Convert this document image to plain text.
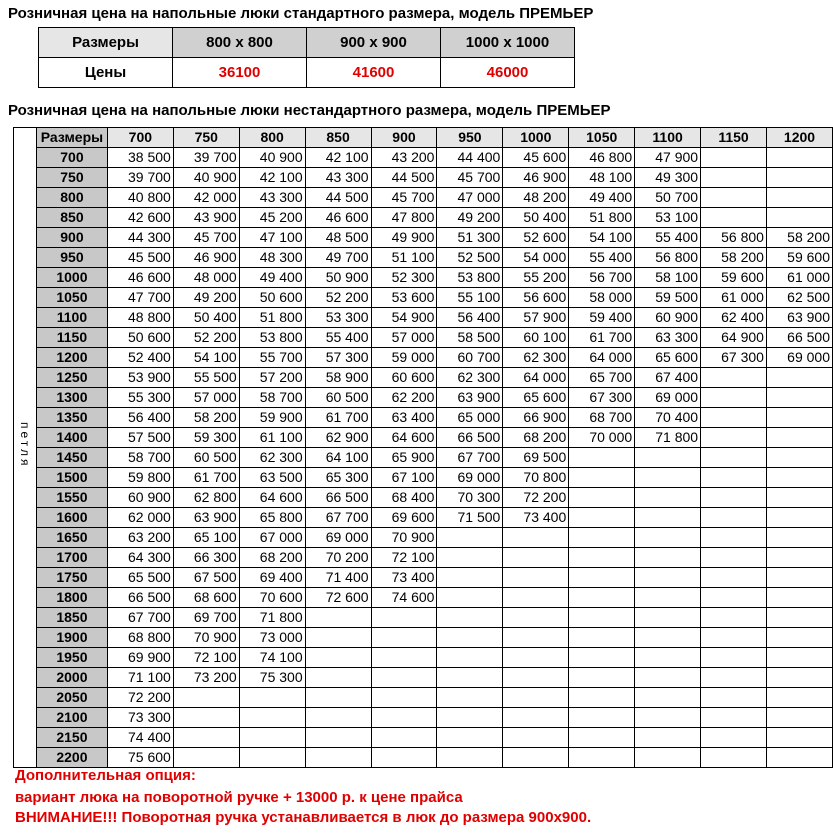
Розничная цена на напольные люки стандартного размера, модель ПРЕМЬЕР
Размеры	800 х 800	900 х 900	1000 х 1000
Цены	36100	41600	46000
Розничная цена на напольные люки нестандартного размера, модель ПРЕМЬЕР
петля	Размеры	700	750	800	850	900	950	1000	1050	1100	1150	1200
	700	38 500	39 700	40 900	42 100	43 200	44 400	45 600	46 800	47 900		
	750	39 700	40 900	42 100	43 300	44 500	45 700	46 900	48 100	49 300		
	800	40 800	42 000	43 300	44 500	45 700	47 000	48 200	49 400	50 700		
	850	42 600	43 900	45 200	46 600	47 800	49 200	50 400	51 800	53 100		
	900	44 300	45 700	47 100	48 500	49 900	51 300	52 600	54 100	55 400	56 800	58 200
	950	45 500	46 900	48 300	49 700	51 100	52 500	54 000	55 400	56 800	58 200	59 600
	1000	46 600	48 000	49 400	50 900	52 300	53 800	55 200	56 700	58 100	59 600	61 000
	1050	47 700	49 200	50 600	52 200	53 600	55 100	56 600	58 000	59 500	61 000	62 500
	1100	48 800	50 400	51 800	53 300	54 900	56 400	57 900	59 400	60 900	62 400	63 900
	1150	50 600	52 200	53 800	55 400	57 000	58 500	60 100	61 700	63 300	64 900	66 500
	1200	52 400	54 100	55 700	57 300	59 000	60 700	62 300	64 000	65 600	67 300	69 000
	1250	53 900	55 500	57 200	58 900	60 600	62 300	64 000	65 700	67 400		
	1300	55 300	57 000	58 700	60 500	62 200	63 900	65 600	67 300	69 000		
	1350	56 400	58 200	59 900	61 700	63 400	65 000	66 900	68 700	70 400		
	1400	57 500	59 300	61 100	62 900	64 600	66 500	68 200	70 000	71 800		
	1450	58 700	60 500	62 300	64 100	65 900	67 700	69 500				
	1500	59 800	61 700	63 500	65 300	67 100	69 000	70 800				
	1550	60 900	62 800	64 600	66 500	68 400	70 300	72 200				
	1600	62 000	63 900	65 800	67 700	69 600	71 500	73 400				
	1650	63 200	65 100	67 000	69 000	70 900						
	1700	64 300	66 300	68 200	70 200	72 100						
	1750	65 500	67 500	69 400	71 400	73 400						
	1800	66 500	68 600	70 600	72 600	74 600						
	1850	67 700	69 700	71 800								
	1900	68 800	70 900	73 000								
	1950	69 900	72 100	74 100								
	2000	71 100	73 200	75 300								
	2050	72 200										
	2100	73 300										
	2150	74 400										
	2200	75 600										
Дополнительная опция:
вариант люка на поворотной ручке + 13000 р. к цене прайса
ВНИМАНИЕ!!! Поворотная ручка устанавливается в люк до размера 900х900.
